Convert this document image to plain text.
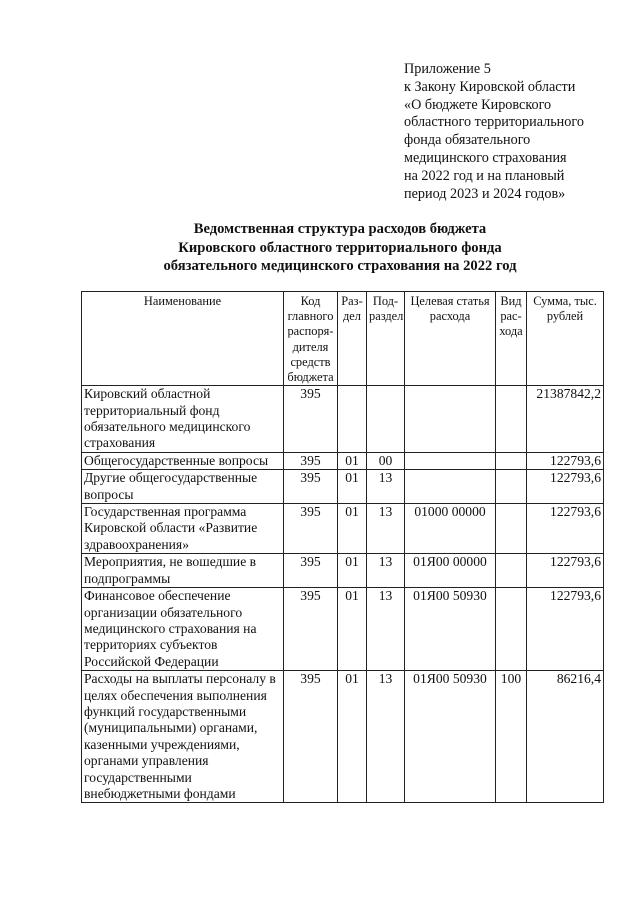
Приложение 5
к Закону Кировской области
«О бюджете Кировского
областного территориального
фонда обязательного
медицинского страхования
на 2022 год и на плановый
период 2023 и 2024 годов»
Ведомственная структура расходов бюджета
Кировского областного территориального фонда
обязательного медицинского страхования на 2022 год
Наименование	Код главного распоря-дителя средств бюджета	Раз-дел	Под-раздел	Целевая статья расхода	Вид рас-хода	Сумма, тыс. рублей
Кировский областной территориальный фонд обязательного медицинского страхования	395					21387842,2
Общегосударственные вопросы	395	01	00			122793,6
Другие общегосударственные вопросы	395	01	13			122793,6
Государственная программа Кировской области «Развитие здравоохранения»	395	01	13	01000 00000		122793,6
Мероприятия, не вошедшие в подпрограммы	395	01	13	01Я00 00000		122793,6
Финансовое обеспечение организации обязательного медицинского страхования на территориях субъектов Российской Федерации	395	01	13	01Я00 50930		122793,6
Расходы на выплаты персоналу в целях обеспечения выполнения функций государственными (муниципальными) органами, казенными учреждениями, органами управления государственными внебюджетными фондами	395	01	13	01Я00 50930	100	86216,4
